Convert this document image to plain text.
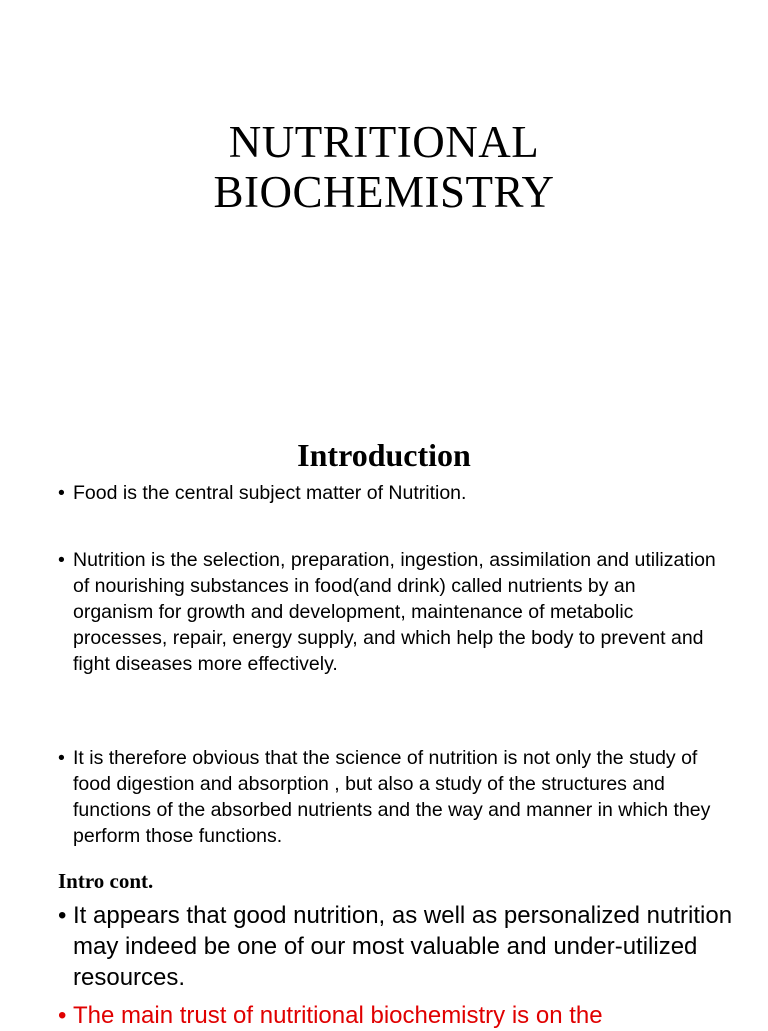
NUTRITIONAL
BIOCHEMISTRY
Introduction
• Food is the central subject matter of Nutrition.
• Nutrition is the selection, preparation, ingestion, assimilation and utilization of nourishing substances in food(and drink) called nutrients by an organism for growth and development, maintenance of metabolic processes, repair, energy supply, and which help the body to prevent and fight diseases more effectively.
• It is therefore obvious that the science of nutrition is not only the study of food digestion and absorption , but also a study of the structures and functions of the absorbed nutrients and the way and manner in which they perform those functions.
Intro cont.
• It appears that good nutrition, as well as personalized nutrition may indeed be one of our most valuable and under-utilized resources.
• The main trust of nutritional biochemistry is on the
